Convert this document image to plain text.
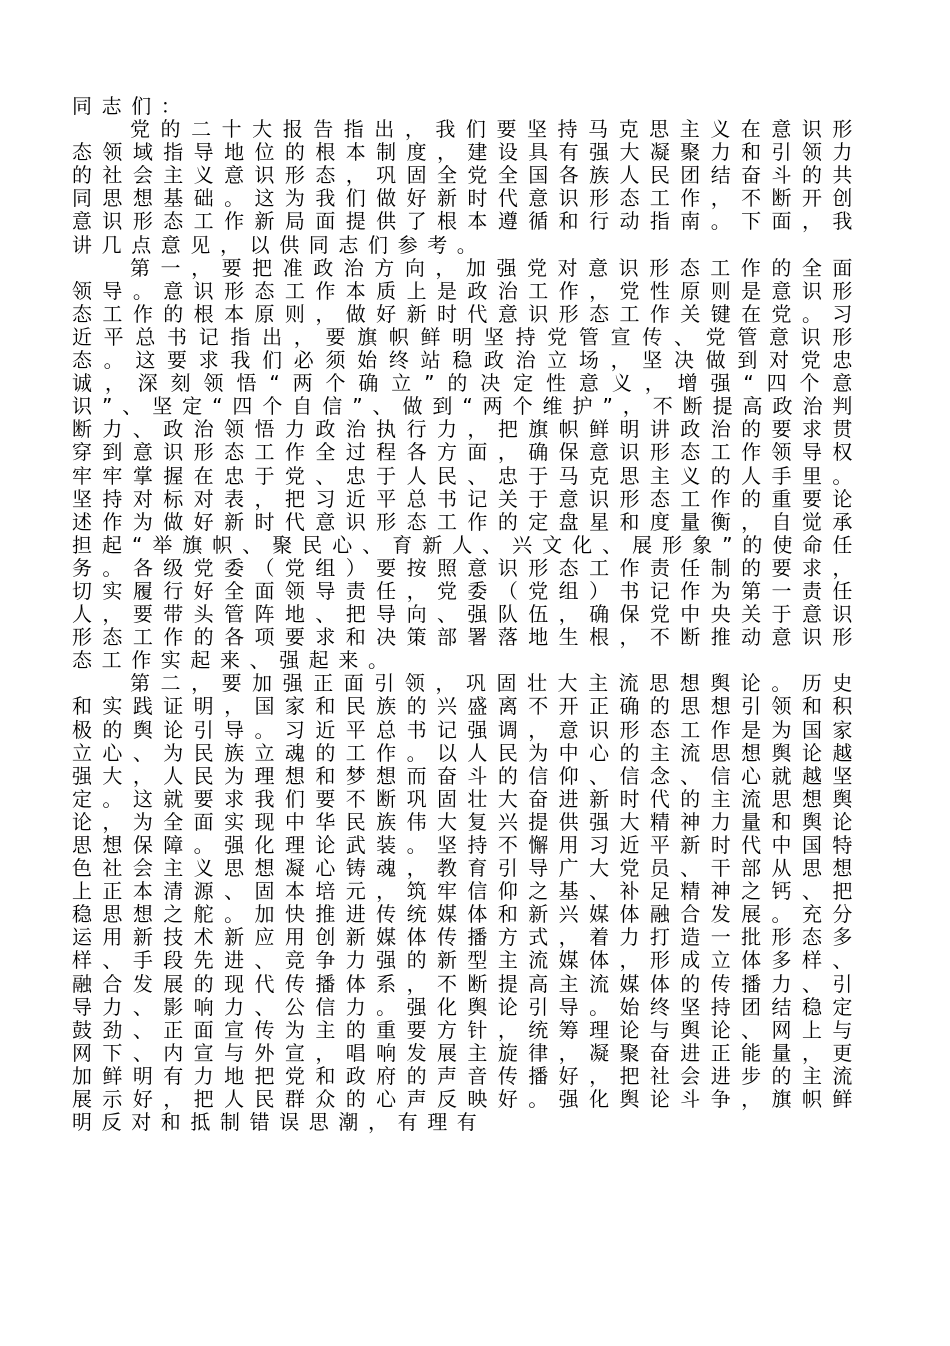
同志们：

党的二十大报告指出，我们要坚持马克思主义在意识形态领域指导地位的根本制度，建设具有强大凝聚力和引领力的社会主义意识形态，巩固全党全国各族人民团结奋斗的共同思想基础。这为我们做好新时代意识形态工作，不断开创意识形态工作新局面提供了根本遵循和行动指南。下面，我讲几点意见，以供同志们参考。

第一，要把准政治方向，加强党对意识形态工作的全面领导。意识形态工作本质上是政治工作，党性原则是意识形态工作的根本原则，做好新时代意识形态工作关键在党。习近平总书记指出，要旗帜鲜明坚持党管宣传、党管意识形态。这要求我们必须始终站稳政治立场，坚决做到对党忠诚，深刻领悟“两个确立”的决定性意义，增强“四个意识”、坚定“四个自信”、做到“两个维护”，不断提高政治判断力、政治领悟力政治执行力，把旗帜鲜明讲政治的要求贯穿到意识形态工作全过程各方面，确保意识形态工作领导权牢牢掌握在忠于党、忠于人民、忠于马克思主义的人手里。坚持对标对表，把习近平总书记关于意识形态工作的重要论述作为做好新时代意识形态工作的定盘星和度量衡，自觉承担起“举旗帜、聚民心、育新人、兴文化、展形象”的使命任务。各级党委（党组）要按照意识形态工作责任制的要求，切实履行好全面领导责任，党委（党组）书记作为第一责任人，要带头管阵地、把导向、强队伍，确保党中央关于意识形态工作的各项要求和决策部署落地生根，不断推动意识形态工作实起来、强起来。

第二，要加强正面引领，巩固壮大主流思想舆论。历史和实践证明，国家和民族的兴盛离不开正确的思想引领和积极的舆论引导。习近平总书记强调，意识形态工作是为国家立心、为民族立魂的工作。以人民为中心的主流思想舆论越强大，人民为理想和梦想而奋斗的信仰、信念、信心就越坚定。这就要求我们要不断巩固壮大奋进新时代的主流思想舆论，为全面实现中华民族伟大复兴提供强大精神力量和舆论思想保障。强化理论武装。坚持不懈用习近平新时代中国特色社会主义思想凝心铸魂，教育引导广大党员、干部从思想上正本清源、固本培元，筑牢信仰之基、补足精神之钙、把稳思想之舵。加快推进传统媒体和新兴媒体融合发展。充分运用新技术新应用创新媒体传播方式，着力打造一批形态多样、手段先进、竞争力强的新型主流媒体，形成立体多样、融合发展的现代传播体系，不断提高主流媒体的传播力、引导力、影响力、公信力。强化舆论引导。始终坚持团结稳定鼓劲、正面宣传为主的重要方针，统筹理论与舆论、网上与网下、内宣与外宣，唱响发展主旋律，凝聚奋进正能量，更加鲜明有力地把党和政府的声音传播好，把社会进步的主流展示好，把人民群众的心声反映好。强化舆论斗争，旗帜鲜明反对和抵制错误思潮，有理有
